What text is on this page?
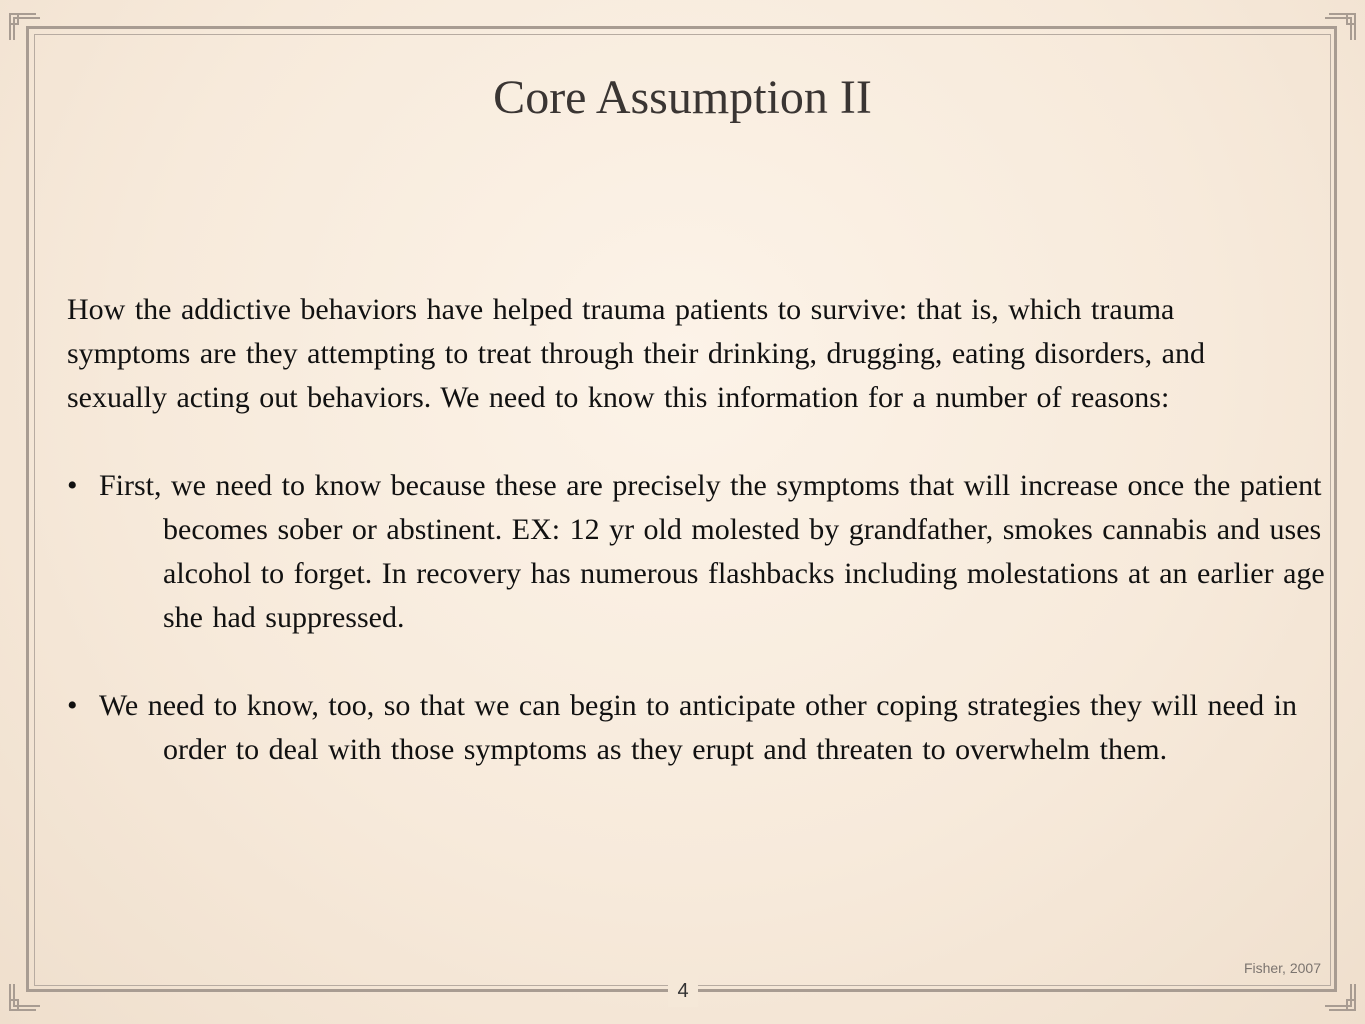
Core Assumption II

How the addictive behaviors have helped trauma patients to survive: that is, which trauma symptoms are they attempting to treat through their drinking, drugging, eating disorders, and sexually acting out behaviors. We need to know this information for a number of reasons:

• First, we need to know because these are precisely the symptoms that will increase once the patient becomes sober or abstinent. EX: 12 yr old molested by grandfather, smokes cannabis and uses alcohol to forget. In recovery has numerous flashbacks including molestations at an earlier age she had suppressed.
• We need to know, too, so that we can begin to anticipate other coping strategies they will need in order to deal with those symptoms as they erupt and threaten to overwhelm them.
Fisher, 2007
4
